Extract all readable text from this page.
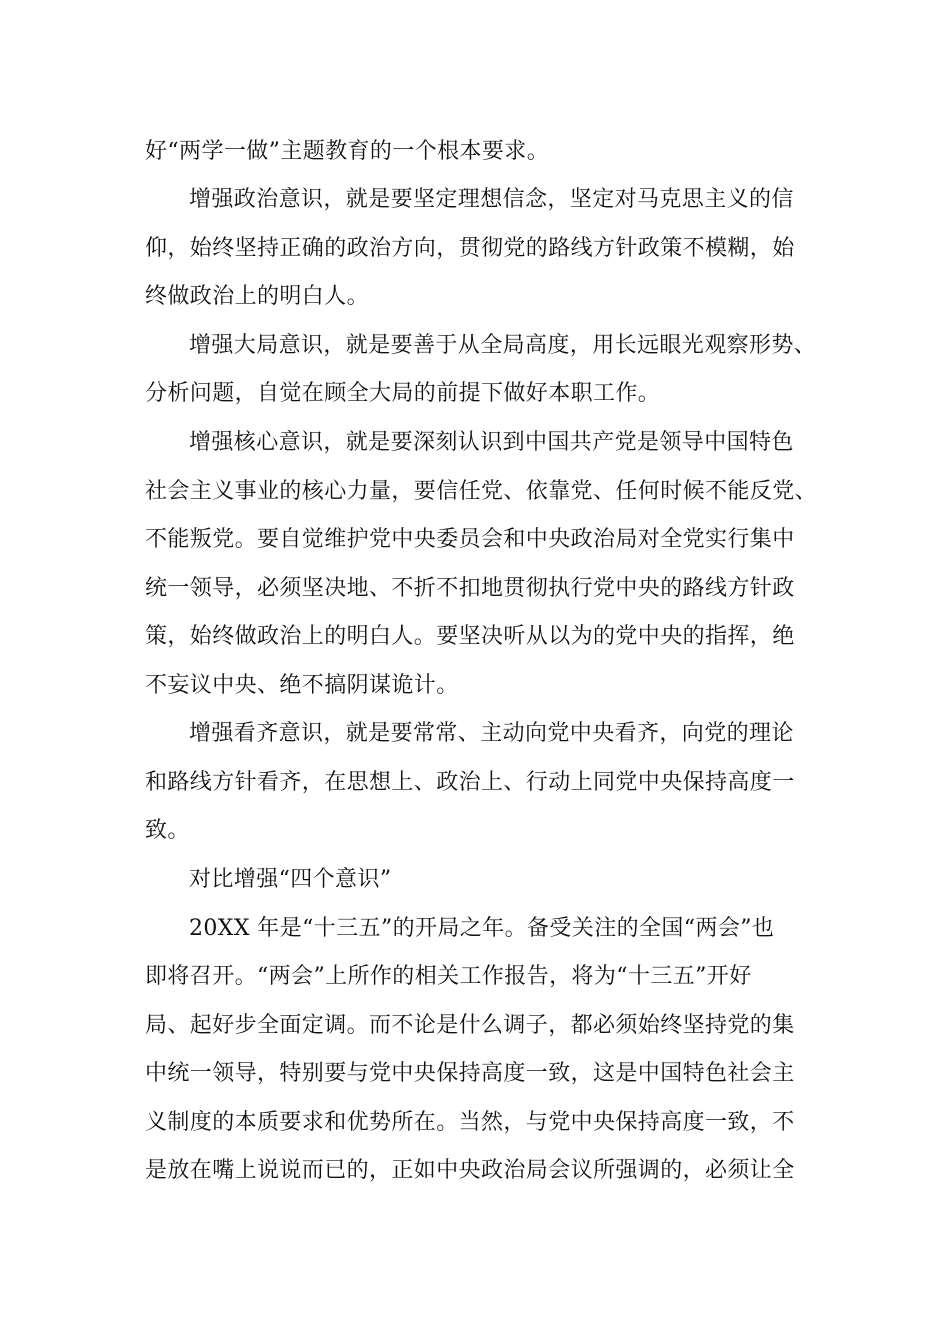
好“两学一做”主题教育的一个根本要求。
增强政治意识，就是要坚定理想信念，坚定对马克思主义的信
仰，始终坚持正确的政治方向，贯彻党的路线方针政策不模糊，始
终做政治上的明白人。
增强大局意识，就是要善于从全局高度，用长远眼光观察形势、
分析问题，自觉在顾全大局的前提下做好本职工作。
增强核心意识，就是要深刻认识到中国共产党是领导中国特色
社会主义事业的核心力量，要信任党、依靠党、任何时候不能反党、
不能叛党。要自觉维护党中央委员会和中央政治局对全党实行集中
统一领导，必须坚决地、不折不扣地贯彻执行党中央的路线方针政
策，始终做政治上的明白人。要坚决听从以为的党中央的指挥，绝
不妄议中央、绝不搞阴谋诡计。
增强看齐意识，就是要常常、主动向党中央看齐，向党的理论
和路线方针看齐，在思想上、政治上、行动上同党中央保持高度一
致。
对比增强“四个意识”
20XX 年是“十三五”的开局之年。备受关注的全国“两会”也
即将召开。“两会”上所作的相关工作报告，将为“十三五”开好
局、起好步全面定调。而不论是什么调子，都必须始终坚持党的集
中统一领导，特别要与党中央保持高度一致，这是中国特色社会主
义制度的本质要求和优势所在。当然，与党中央保持高度一致，不
是放在嘴上说说而已的，正如中央政治局会议所强调的，必须让全
